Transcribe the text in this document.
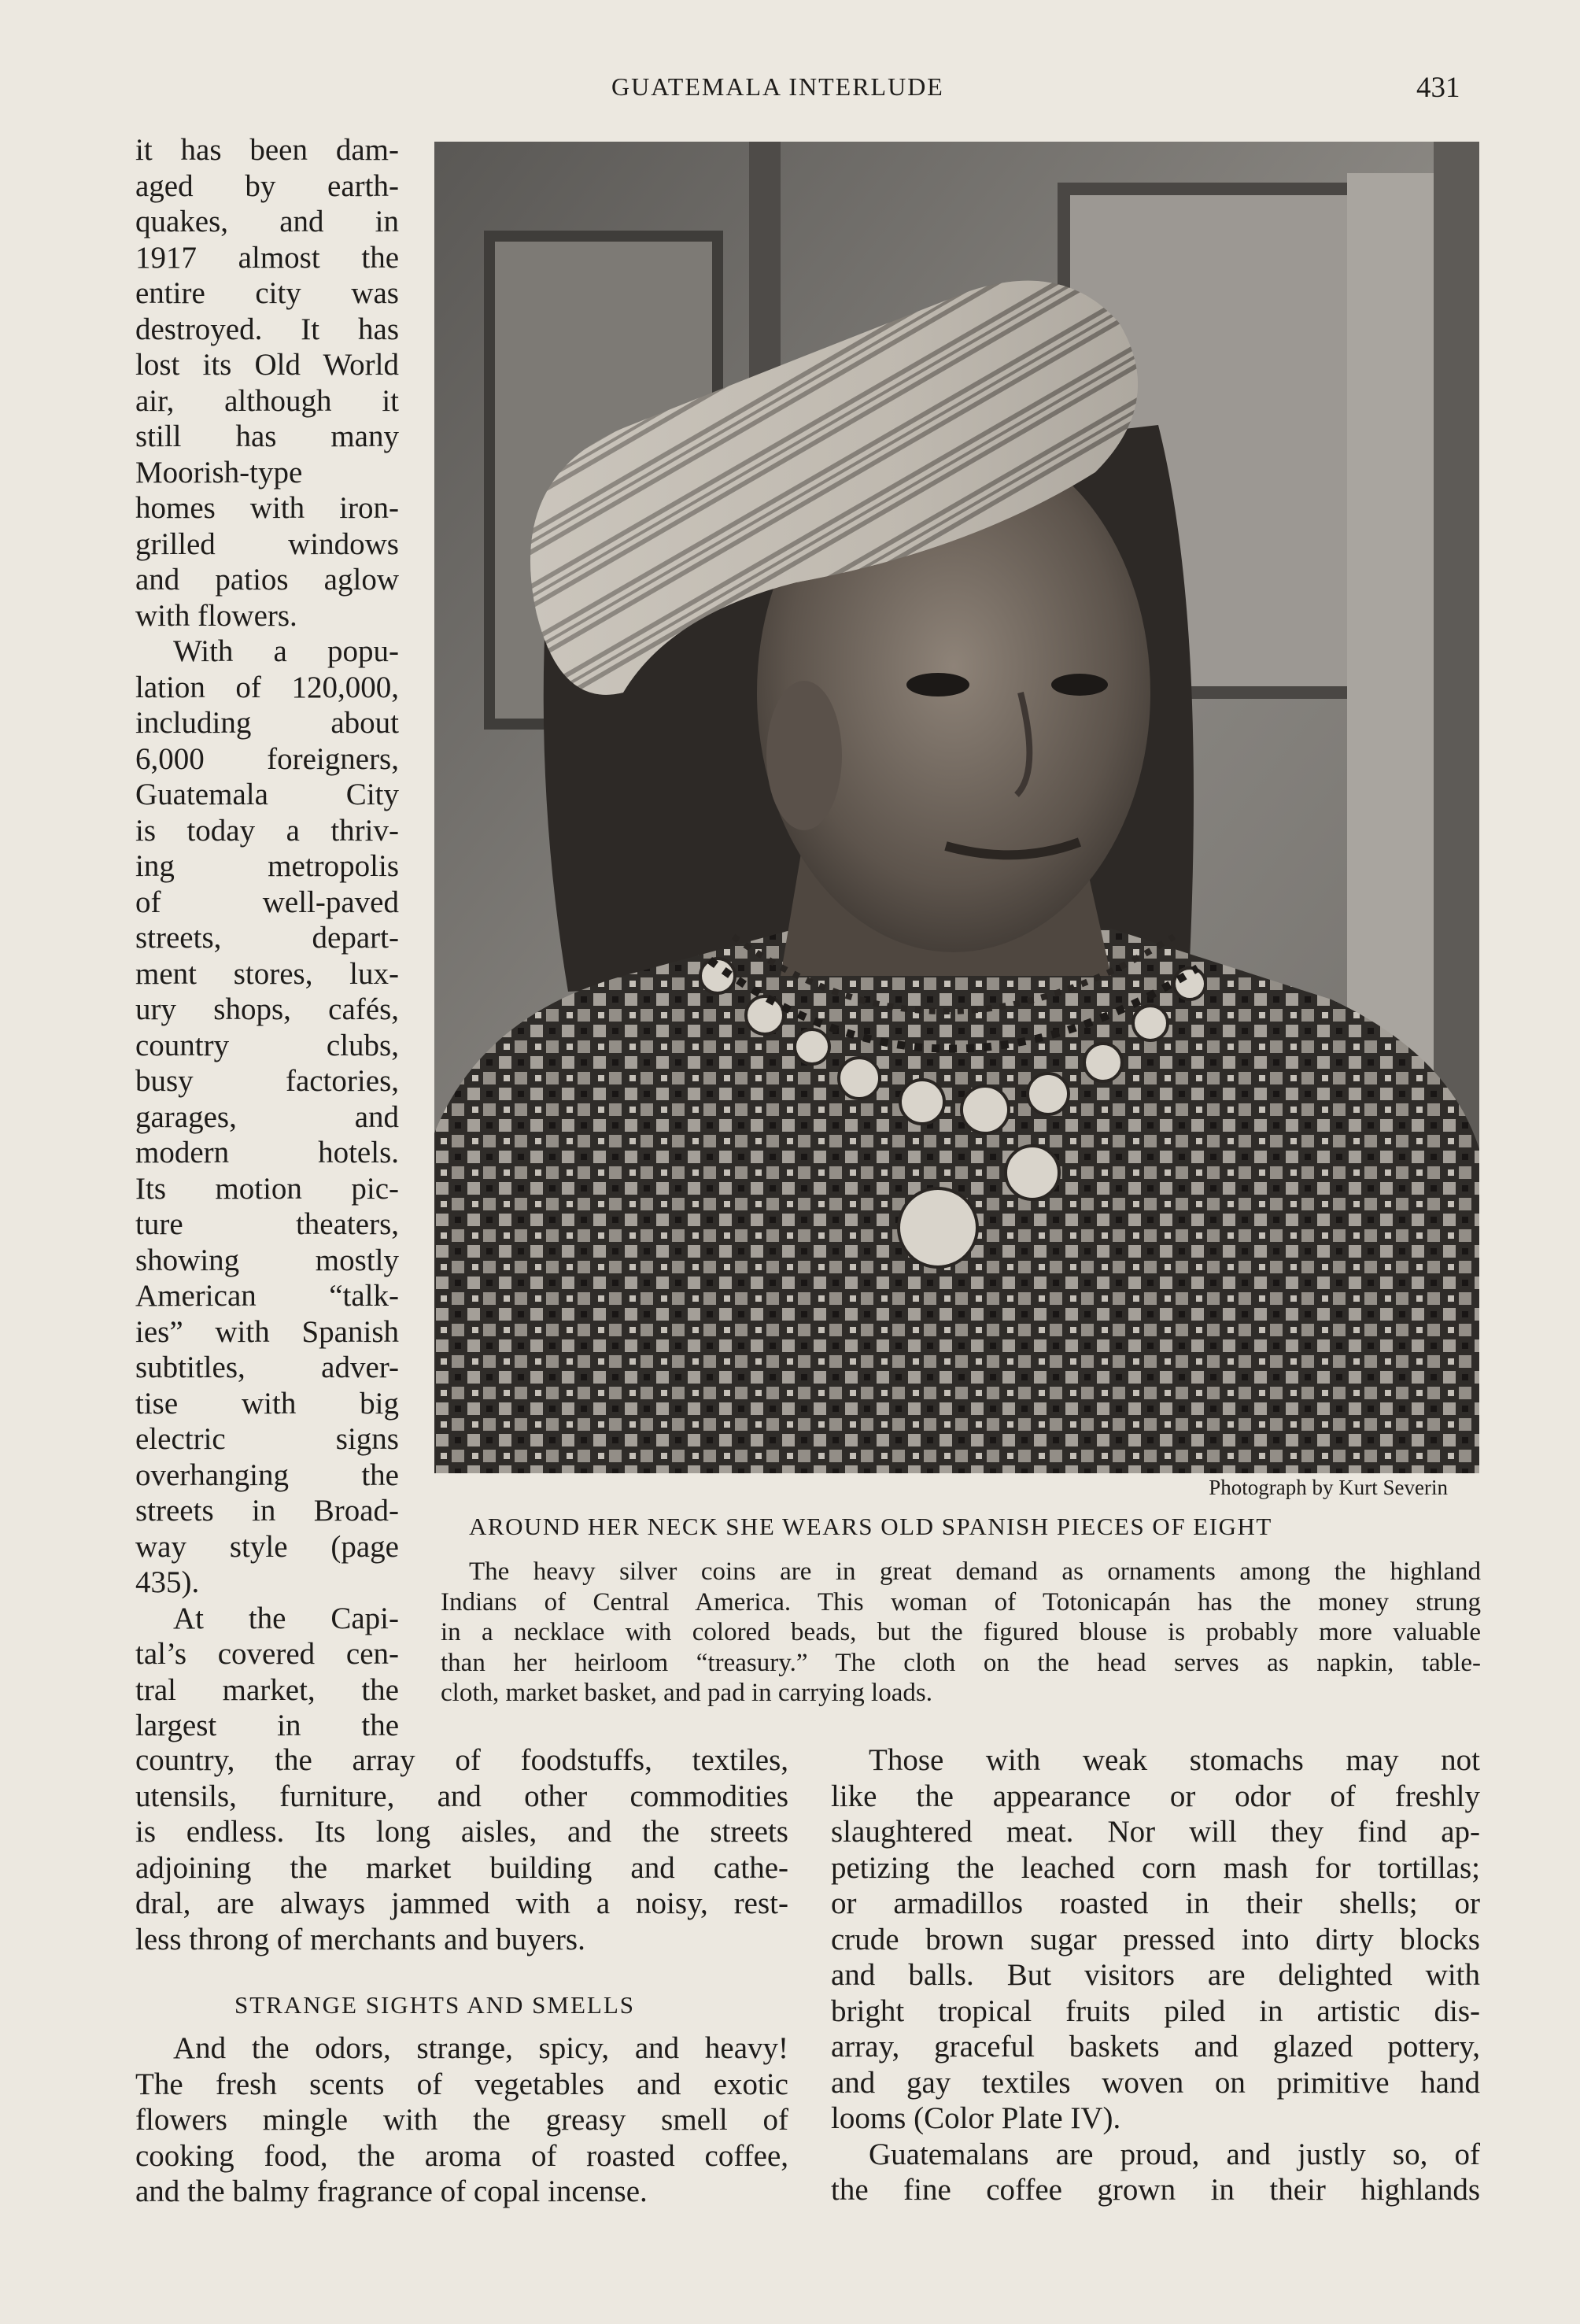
GUATEMALA INTERLUDE	431
Photograph by Kurt Severin
AROUND HER NECK SHE WEARS OLD SPANISH PIECES OF EIGHT
The heavy silver coins are in great demand as ornaments among the highland
Indians of Central America. This woman of Totonicapán has the money strung
in a necklace with colored beads, but the figured blouse is probably more valuable
than her heirloom “treasury.” The cloth on the head serves as napkin, table-
cloth, market basket, and pad in carrying loads.
it has been dam-
aged by earth-
quakes, and in
1917 almost the
entire city was
destroyed. It has
lost its Old World
air, although it
still has many
Moorish-type
homes with iron-
grilled windows
and patios aglow
with flowers.
With a popu-
lation of 120,000,
including about
6,000 foreigners,
Guatemala City
is today a thriv-
ing metropolis
of well-paved
streets, depart-
ment stores, lux-
ury shops, cafés,
country clubs,
busy factories,
garages, and
modern hotels.
Its motion pic-
ture theaters,
showing mostly
American “talk-
ies” with Spanish
subtitles, adver-
tise with big
electric signs
overhanging the
streets in Broad-
way style (page
435).
At the Capi-
tal’s covered cen-
tral market, the
largest in the
country, the array of foodstuffs, textiles,
utensils, furniture, and other commodities
is endless. Its long aisles, and the streets
adjoining the market building and cathe-
dral, are always jammed with a noisy, rest-
less throng of merchants and buyers.
STRANGE SIGHTS AND SMELLS
And the odors, strange, spicy, and heavy!
The fresh scents of vegetables and exotic
flowers mingle with the greasy smell of
cooking food, the aroma of roasted coffee,
and the balmy fragrance of copal incense.
Those with weak stomachs may not
like the appearance or odor of freshly
slaughtered meat. Nor will they find ap-
petizing the leached corn mash for tortillas;
or armadillos roasted in their shells; or
crude brown sugar pressed into dirty blocks
and balls. But visitors are delighted with
bright tropical fruits piled in artistic dis-
array, graceful baskets and glazed pottery,
and gay textiles woven on primitive hand
looms (Color Plate IV).
Guatemalans are proud, and justly so, of
the fine coffee grown in their highlands
